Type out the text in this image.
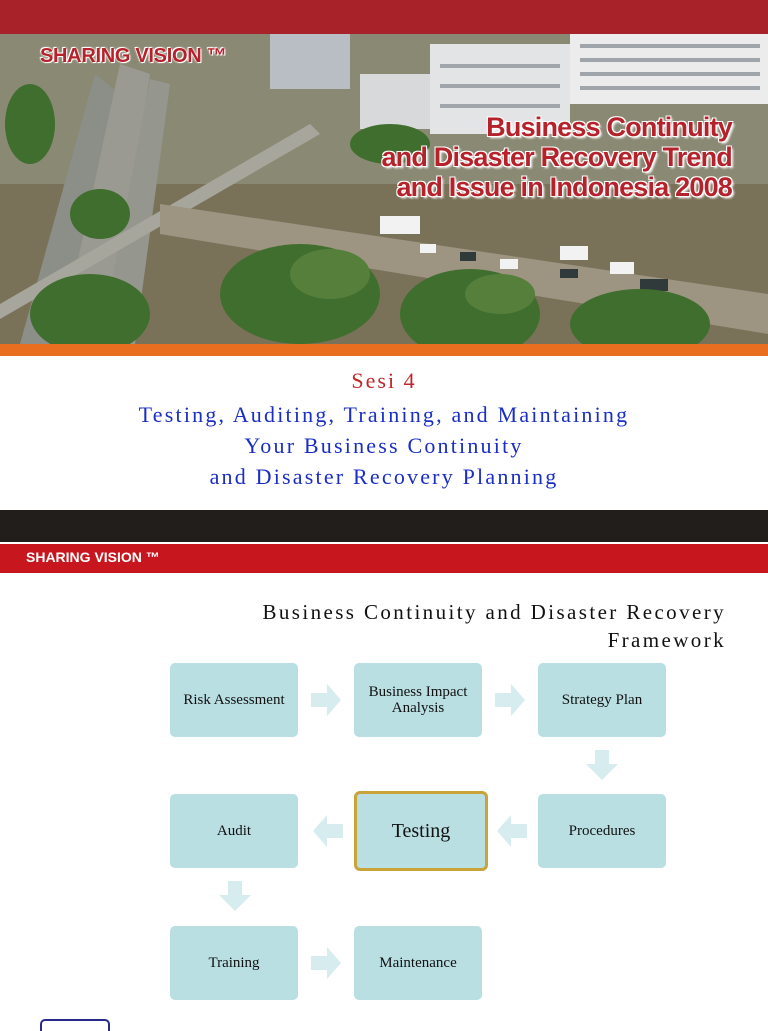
SHARING VISION ™
Business Continuity
and Disaster Recovery Trend
and Issue in Indonesia 2008
Sesi 4
Testing, Auditing, Training, and Maintaining
Your Business Continuity
and Disaster Recovery Planning
SHARING VISION ™
Business Continuity and Disaster Recovery
Framework
Risk Assessment	Business Impact Analysis	Strategy Plan
Audit	Testing	Procedures
Training	Maintenance
